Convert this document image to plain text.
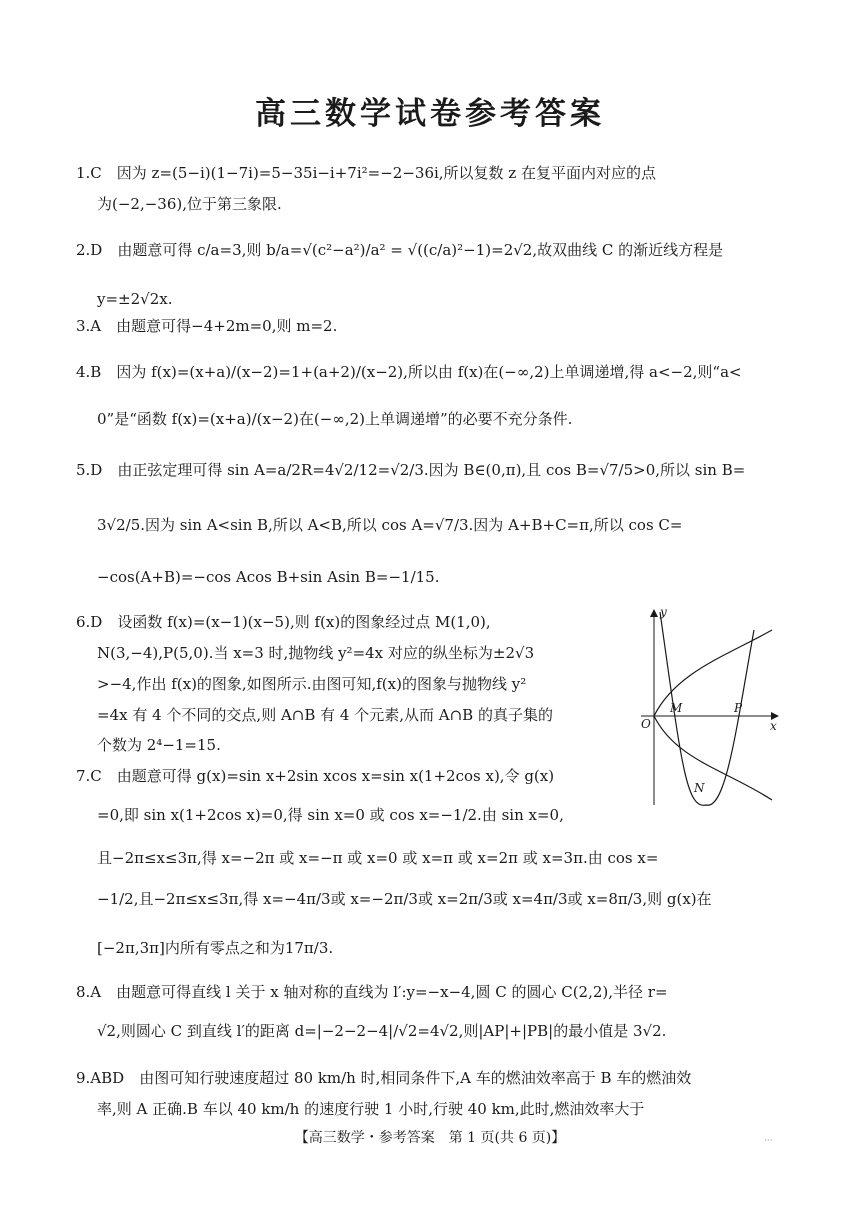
高三数学试卷参考答案
1.C　因为 z=(5−i)(1−7i)=5−35i−i+7i²=−2−36i,所以复数 z 在复平面内对应的点
为(−2,−36),位于第三象限.
2.D　由题意可得 c/a=3,则 b/a=√(c²−a²)/a² = √((c/a)²−1)=2√2,故双曲线 C 的渐近线方程是
y=±2√2x.
3.A　由题意可得−4+2m=0,则 m=2.
4.B　因为 f(x)=(x+a)/(x−2)=1+(a+2)/(x−2),所以由 f(x)在(−∞,2)上单调递增,得 a<−2,则“a<
0”是“函数 f(x)=(x+a)/(x−2)在(−∞,2)上单调递增”的必要不充分条件.
5.D　由正弦定理可得 sin A=a/2R=4√2/12=√2/3.因为 B∈(0,π),且 cos B=√7/5>0,所以 sin B=
3√2/5.因为 sin A<sin B,所以 A<B,所以 cos A=√7/3.因为 A+B+C=π,所以 cos C=
−cos(A+B)=−cos Acos B+sin Asin B=−1/15.
6.D　设函数 f(x)=(x−1)(x−5),则 f(x)的图象经过点 M(1,0),
N(3,−4),P(5,0).当 x=3 时,抛物线 y²=4x 对应的纵坐标为±2√3
>−4,作出 f(x)的图象,如图所示.由图可知,f(x)的图象与抛物线 y²
=4x 有 4 个不同的交点,则 A∩B 有 4 个元素,从而 A∩B 的真子集的
个数为 2⁴−1=15.
7.C　由题意可得 g(x)=sin x+2sin xcos x=sin x(1+2cos x),令 g(x)
=0,即 sin x(1+2cos x)=0,得 sin x=0 或 cos x=−1/2.由 sin x=0,
且−2π≤x≤3π,得 x=−2π 或 x=−π 或 x=0 或 x=π 或 x=2π 或 x=3π.由 cos x=
−1/2,且−2π≤x≤3π,得 x=−4π/3或 x=−2π/3或 x=2π/3或 x=4π/3或 x=8π/3,则 g(x)在
[−2π,3π]内所有零点之和为17π/3.
8.A　由题意可得直线 l 关于 x 轴对称的直线为 l′:y=−x−4,圆 C 的圆心 C(2,2),半径 r=
√2,则圆心 C 到直线 l′的距离 d=|−2−2−4|/√2=4√2,则|AP|+|PB|的最小值是 3√2.
9.ABD　由图可知行驶速度超过 80 km/h 时,相同条件下,A 车的燃油效率高于 B 车的燃油效
率,则 A 正确.B 车以 40 km/h 的速度行驶 1 小时,行驶 40 km,此时,燃油效率大于
y
x
O
M	P
N
【高三数学・参考答案　第 1 页(共 6 页)】	···
